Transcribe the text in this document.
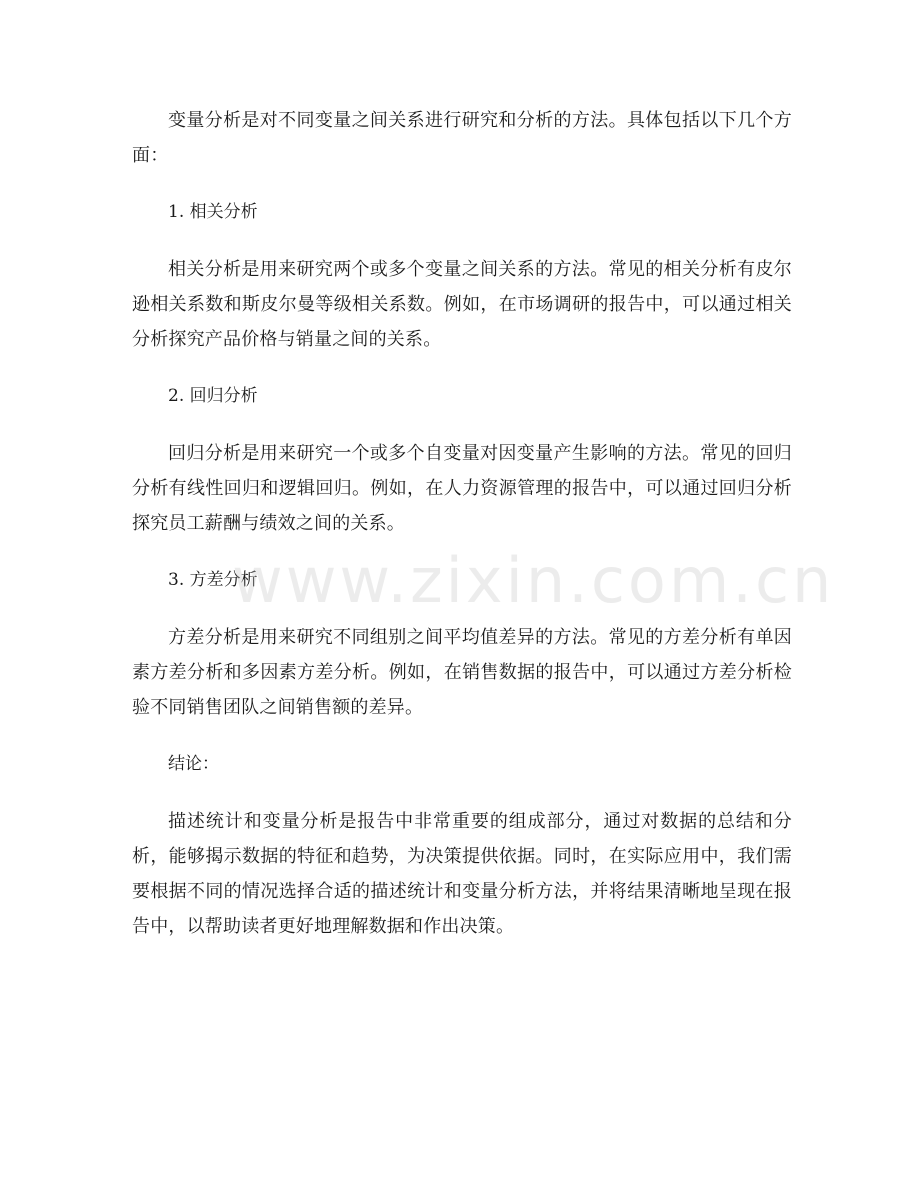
变量分析是对不同变量之间关系进行研究和分析的方法。具体包括以下几个方面：

1. 相关分析

相关分析是用来研究两个或多个变量之间关系的方法。常见的相关分析有皮尔逊相关系数和斯皮尔曼等级相关系数。例如，在市场调研的报告中，可以通过相关分析探究产品价格与销量之间的关系。

2. 回归分析

回归分析是用来研究一个或多个自变量对因变量产生影响的方法。常见的回归分析有线性回归和逻辑回归。例如，在人力资源管理的报告中，可以通过回归分析探究员工薪酬与绩效之间的关系。

3. 方差分析

方差分析是用来研究不同组别之间平均值差异的方法。常见的方差分析有单因素方差分析和多因素方差分析。例如，在销售数据的报告中，可以通过方差分析检验不同销售团队之间销售额的差异。

结论：

描述统计和变量分析是报告中非常重要的组成部分，通过对数据的总结和分析，能够揭示数据的特征和趋势，为决策提供依据。同时，在实际应用中，我们需要根据不同的情况选择合适的描述统计和变量分析方法，并将结果清晰地呈现在报告中，以帮助读者更好地理解数据和作出决策。

www.zixin.com.cn
